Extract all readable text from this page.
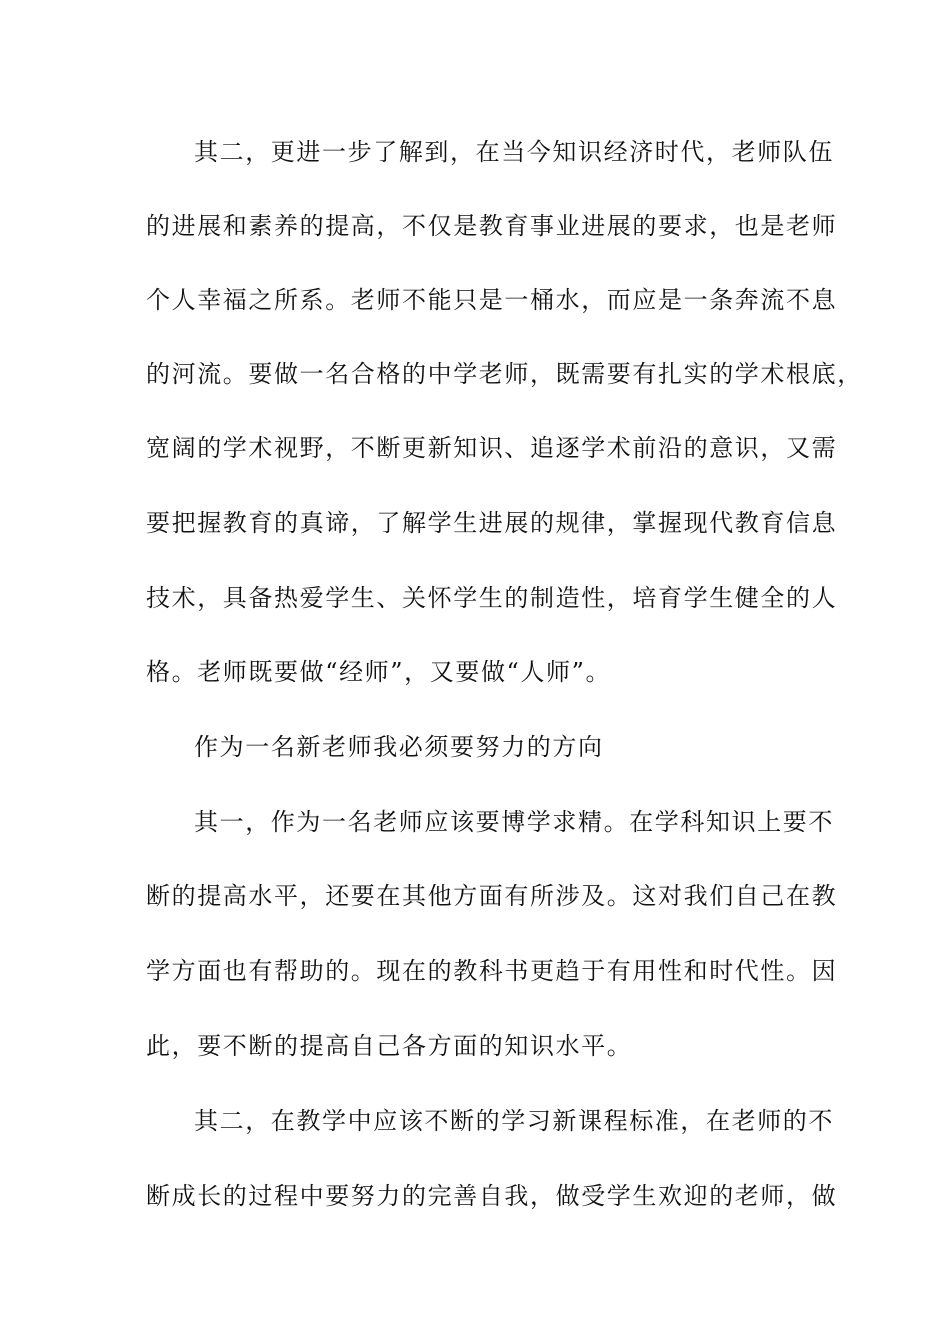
其二，更进一步了解到，在当今知识经济时代，老师队伍
的进展和素养的提高，不仅是教育事业进展的要求，也是老师
个人幸福之所系。老师不能只是一桶水，而应是一条奔流不息
的河流。要做一名合格的中学老师，既需要有扎实的学术根底，
宽阔的学术视野，不断更新知识、追逐学术前沿的意识，又需
要把握教育的真谛，了解学生进展的规律，掌握现代教育信息
技术，具备热爱学生、关怀学生的制造性，培育学生健全的人
格。老师既要做“经师”，又要做“人师”。
作为一名新老师我必须要努力的方向
其一，作为一名老师应该要博学求精。在学科知识上要不
断的提高水平，还要在其他方面有所涉及。这对我们自己在教
学方面也有帮助的。现在的教科书更趋于有用性和时代性。因
此，要不断的提高自己各方面的知识水平。
其二，在教学中应该不断的学习新课程标准，在老师的不
断成长的过程中要努力的完善自我，做受学生欢迎的老师，做
